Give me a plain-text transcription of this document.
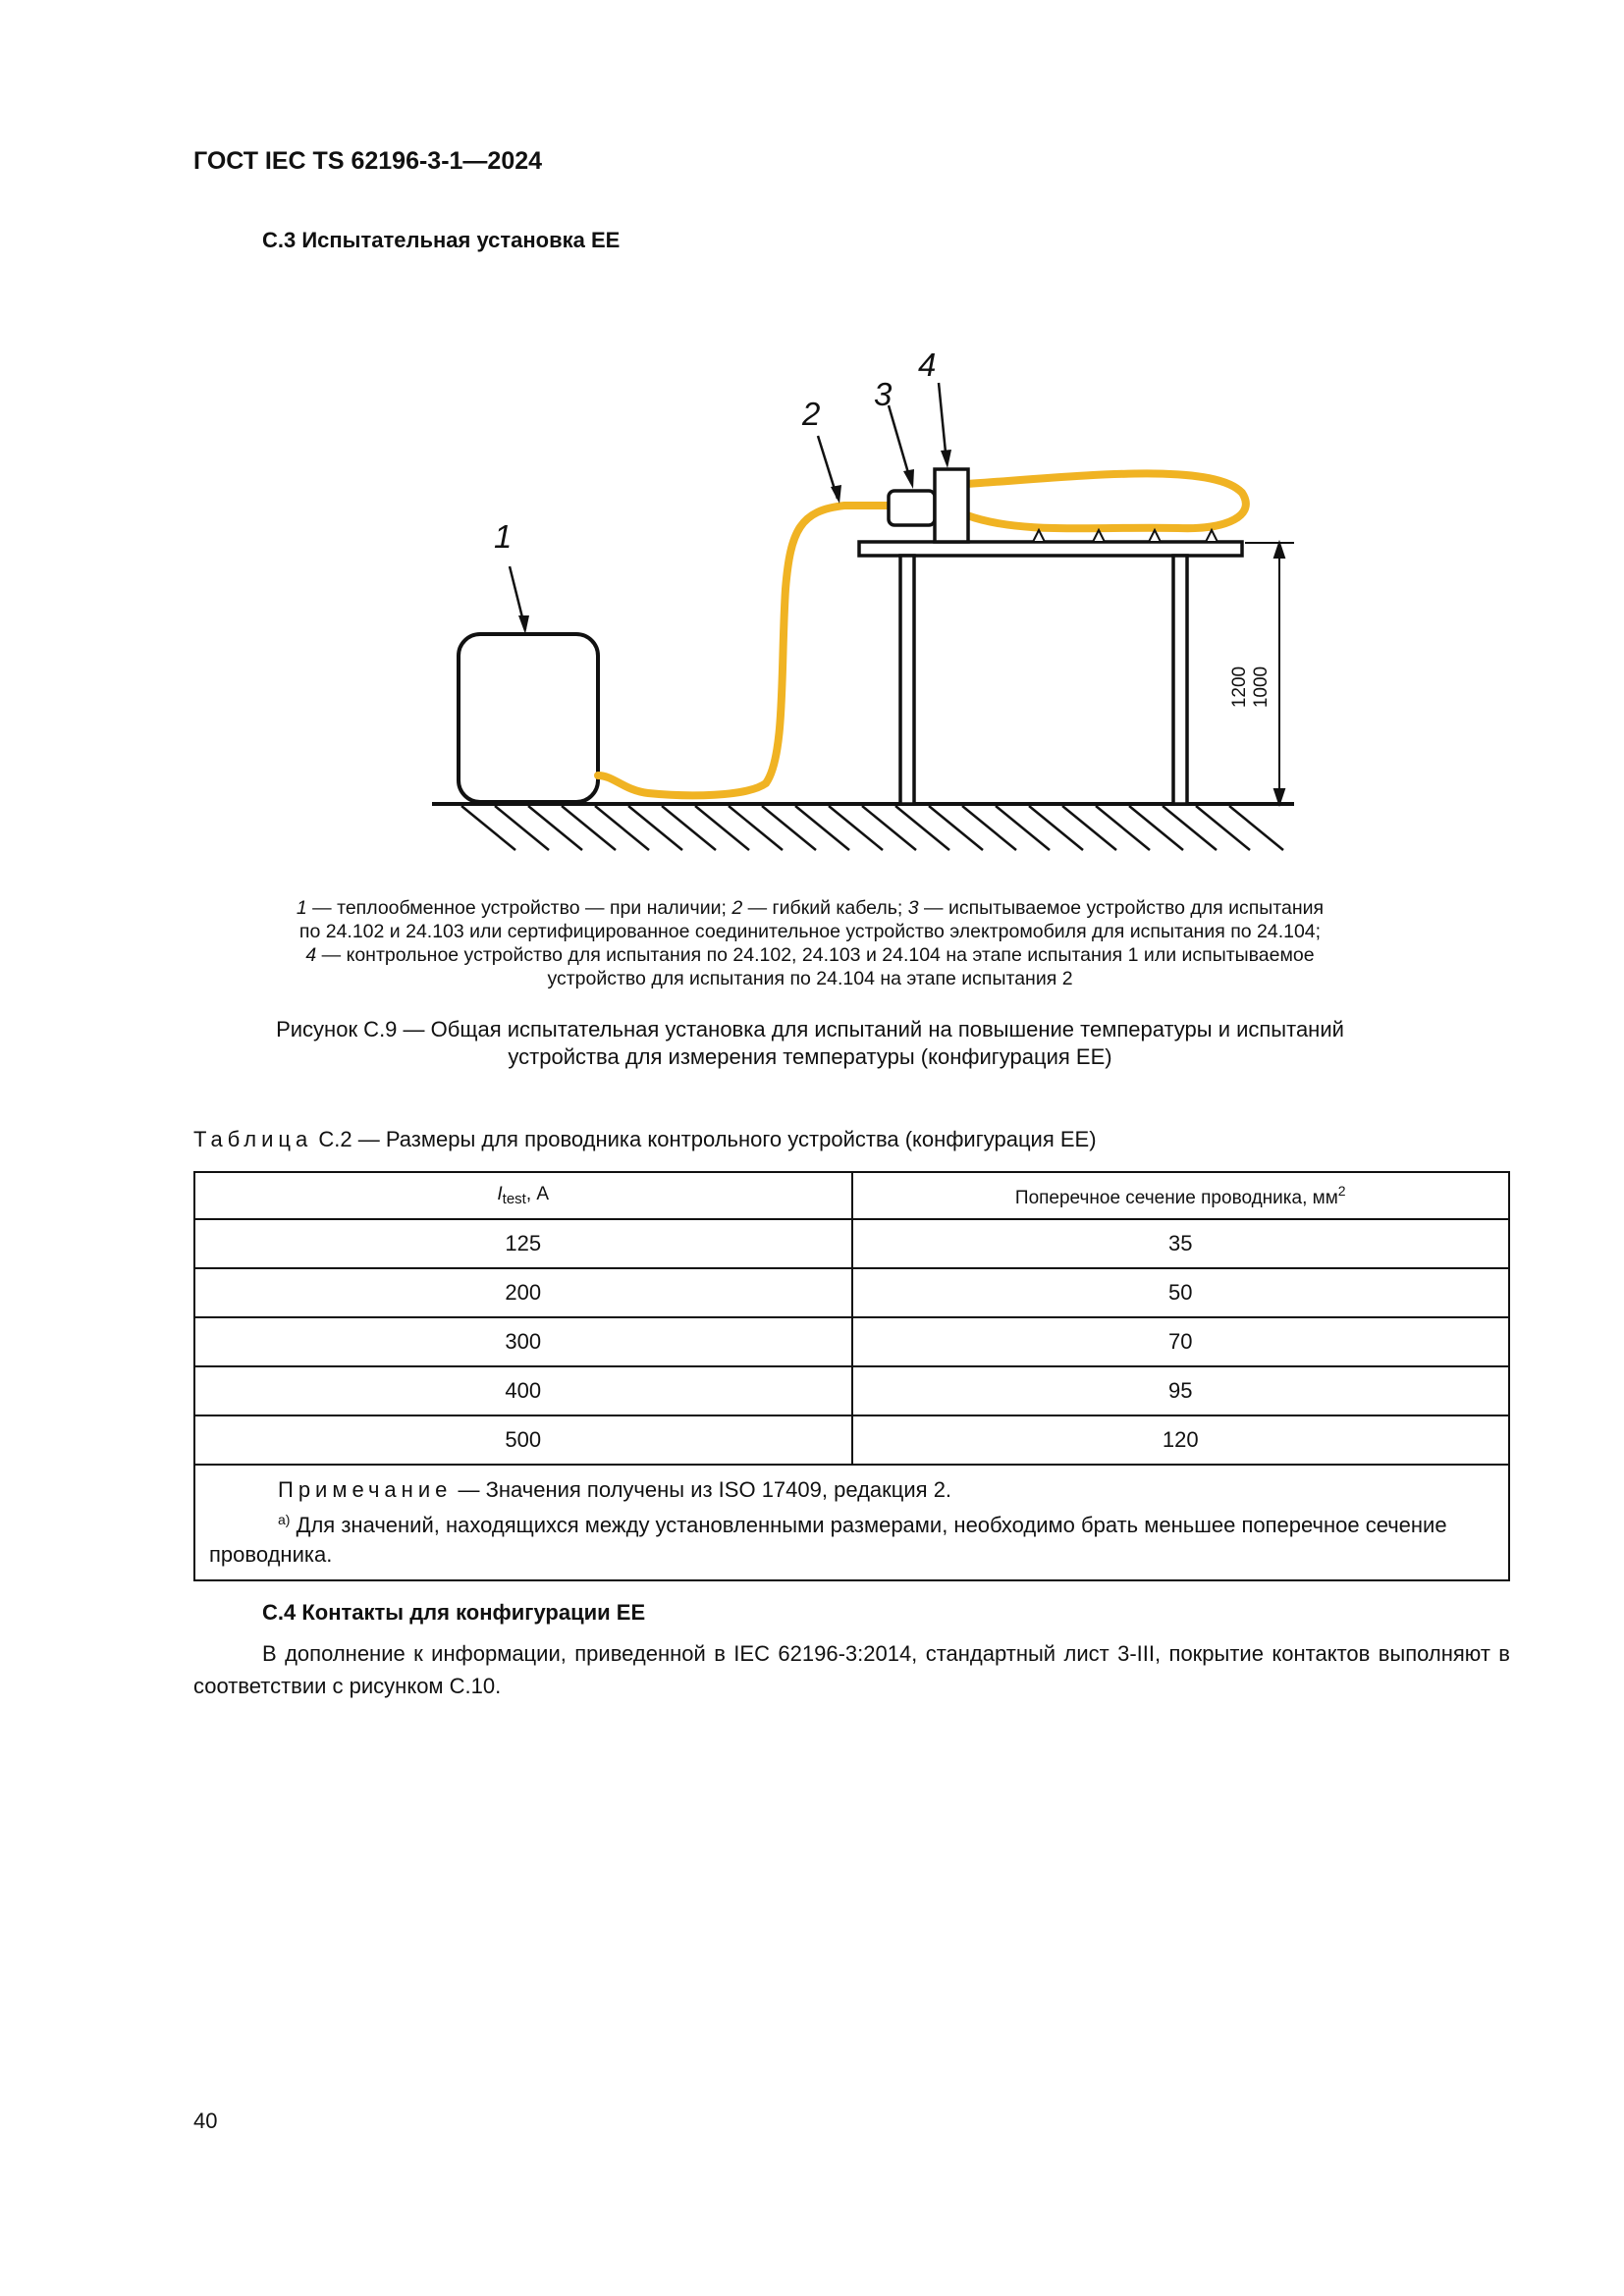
ГОСТ IEC TS 62196-3-1—2024
С.3 Испытательная установка ЕЕ
1200 1000
1
2
3
4
1 — теплообменное устройство — при наличии; 2 — гибкий кабель; 3 — испытываемое устройство для испытания
по 24.102 и 24.103 или сертифицированное соединительное устройство электромобиля для испытания по 24.104;
4 — контрольное устройство для испытания по 24.102, 24.103 и 24.104 на этапе испытания 1 или испытываемое
устройство для испытания по 24.104 на этапе испытания 2
Рисунок С.9 — Общая испытательная установка для испытаний на повышение температуры и испытаний
устройства для измерения температуры (конфигурация ЕЕ)
Таблица С.2 — Размеры для проводника контрольного устройства (конфигурация ЕЕ)
$I_{test}$, А	Поперечное сечение проводника, $мм^2$
125	35
200	50
300	70
400	95
500	120

Примечание — Значения получены из ISO 17409, редакция 2.
$^{a)}$ Для значений, находящихся между установленными размерами, необходимо брать меньшее поперечное сечение проводника.	
С.4 Контакты для конфигурации ЕЕ
В дополнение к информации, приведенной в IEC 62196-3:2014, стандартный лист 3-III, покрытие контактов выполняют в соответствии с рисунком С.10.
40
